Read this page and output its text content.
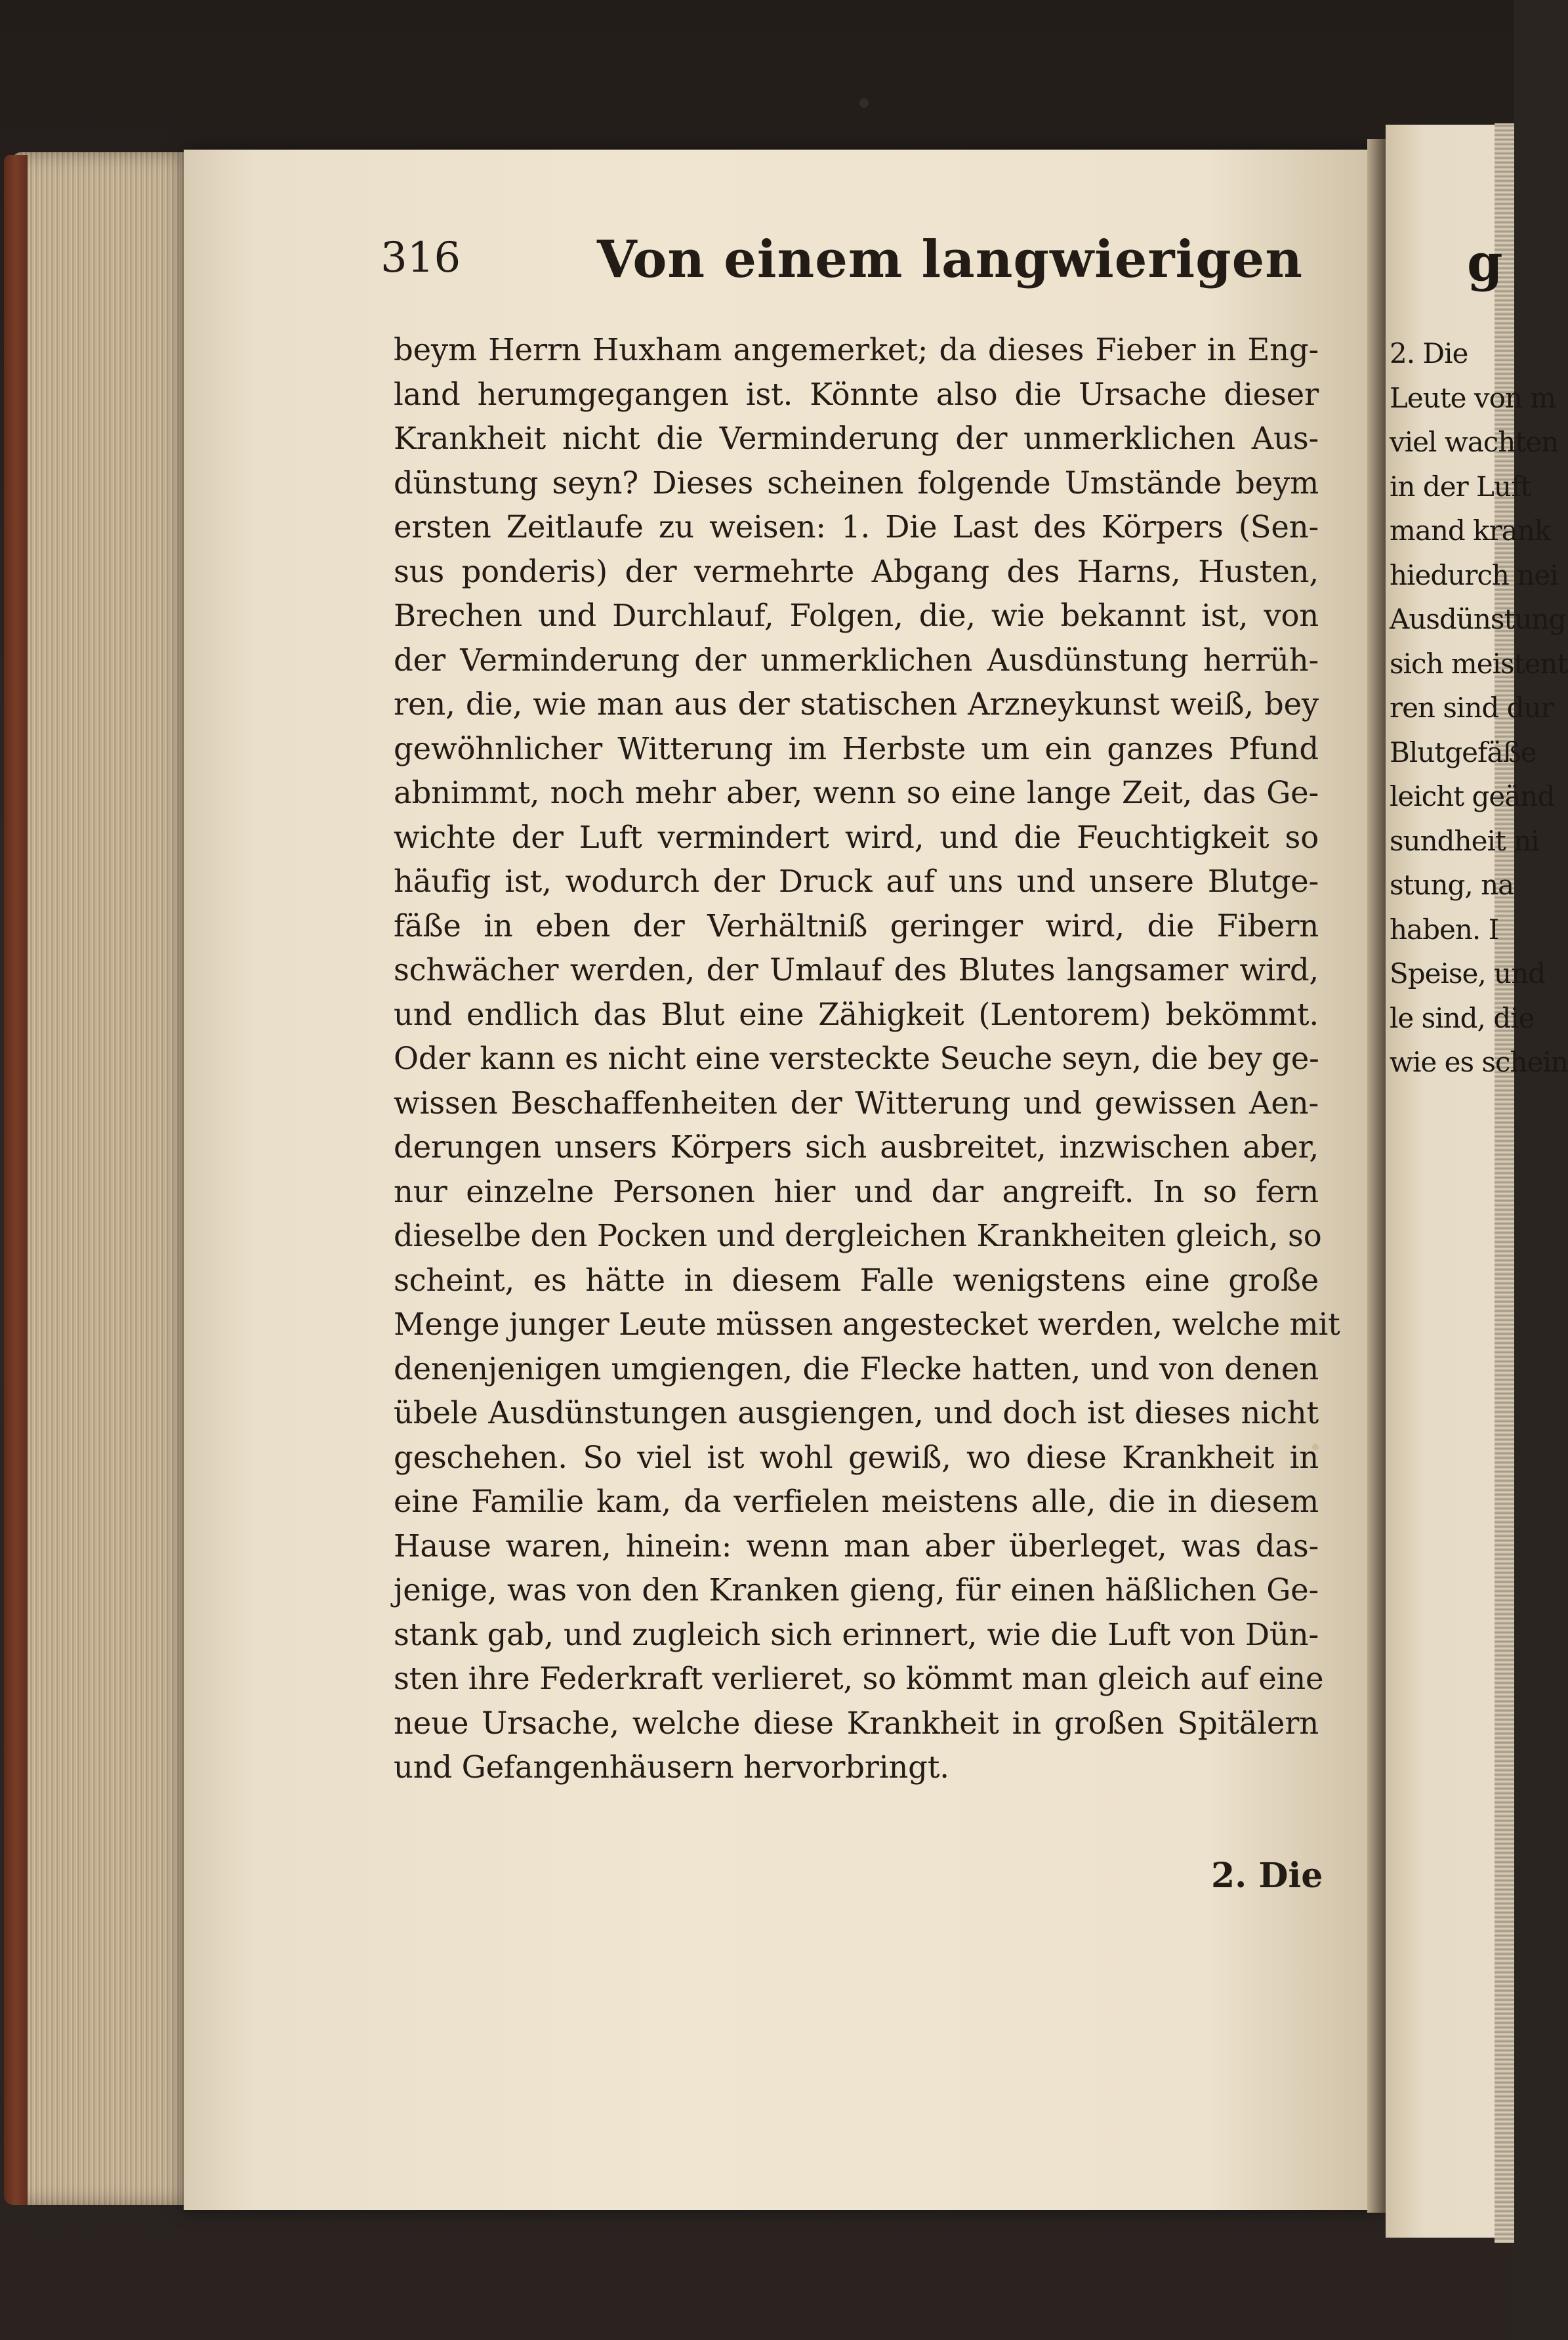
g
2. Die
Leute von m
viel wachten
in der Luft
mand krank
hiedurch nei
Ausdünstung
sich meistent
ren sind dur
Blutgefäße
leicht geänd
sundheit ni
stung, na
haben. I
Speise, und
le sind, die
wie es schein
316	Von einem langwierigen
beym Herrn Huxham angemerket; da dieses Fieber in Eng-
land herumgegangen ist. Könnte also die Ursache dieser
Krankheit nicht die Verminderung der unmerklichen Aus-
dünstung seyn? Dieses scheinen folgende Umstände beym
ersten Zeitlaufe zu weisen: 1. Die Last des Körpers (Sen-
sus ponderis) der vermehrte Abgang des Harns, Husten,
Brechen und Durchlauf, Folgen, die, wie bekannt ist, von
der Verminderung der unmerklichen Ausdünstung herrüh-
ren, die, wie man aus der statischen Arzneykunst weiß, bey
gewöhnlicher Witterung im Herbste um ein ganzes Pfund
abnimmt, noch mehr aber, wenn so eine lange Zeit, das Ge-
wichte der Luft vermindert wird, und die Feuchtigkeit so
häufig ist, wodurch der Druck auf uns und unsere Blutge-
fäße in eben der Verhältniß geringer wird, die Fibern
schwächer werden, der Umlauf des Blutes langsamer wird,
und endlich das Blut eine Zähigkeit (Lentorem) bekömmt.
Oder kann es nicht eine versteckte Seuche seyn, die bey ge-
wissen Beschaffenheiten der Witterung und gewissen Aen-
derungen unsers Körpers sich ausbreitet, inzwischen aber,
nur einzelne Personen hier und dar angreift. In so fern
dieselbe den Pocken und dergleichen Krankheiten gleich, so
scheint, es hätte in diesem Falle wenigstens eine große
Menge junger Leute müssen angestecket werden, welche mit
denenjenigen umgiengen, die Flecke hatten, und von denen
übele Ausdünstungen ausgiengen, und doch ist dieses nicht
geschehen. So viel ist wohl gewiß, wo diese Krankheit in
eine Familie kam, da verfielen meistens alle, die in diesem
Hause waren, hinein: wenn man aber überleget, was das-
jenige, was von den Kranken gieng, für einen häßlichen Ge-
stank gab, und zugleich sich erinnert, wie die Luft von Dün-
sten ihre Federkraft verlieret, so kömmt man gleich auf eine
neue Ursache, welche diese Krankheit in großen Spitälern
und Gefangenhäusern hervorbringt.
2. Die
